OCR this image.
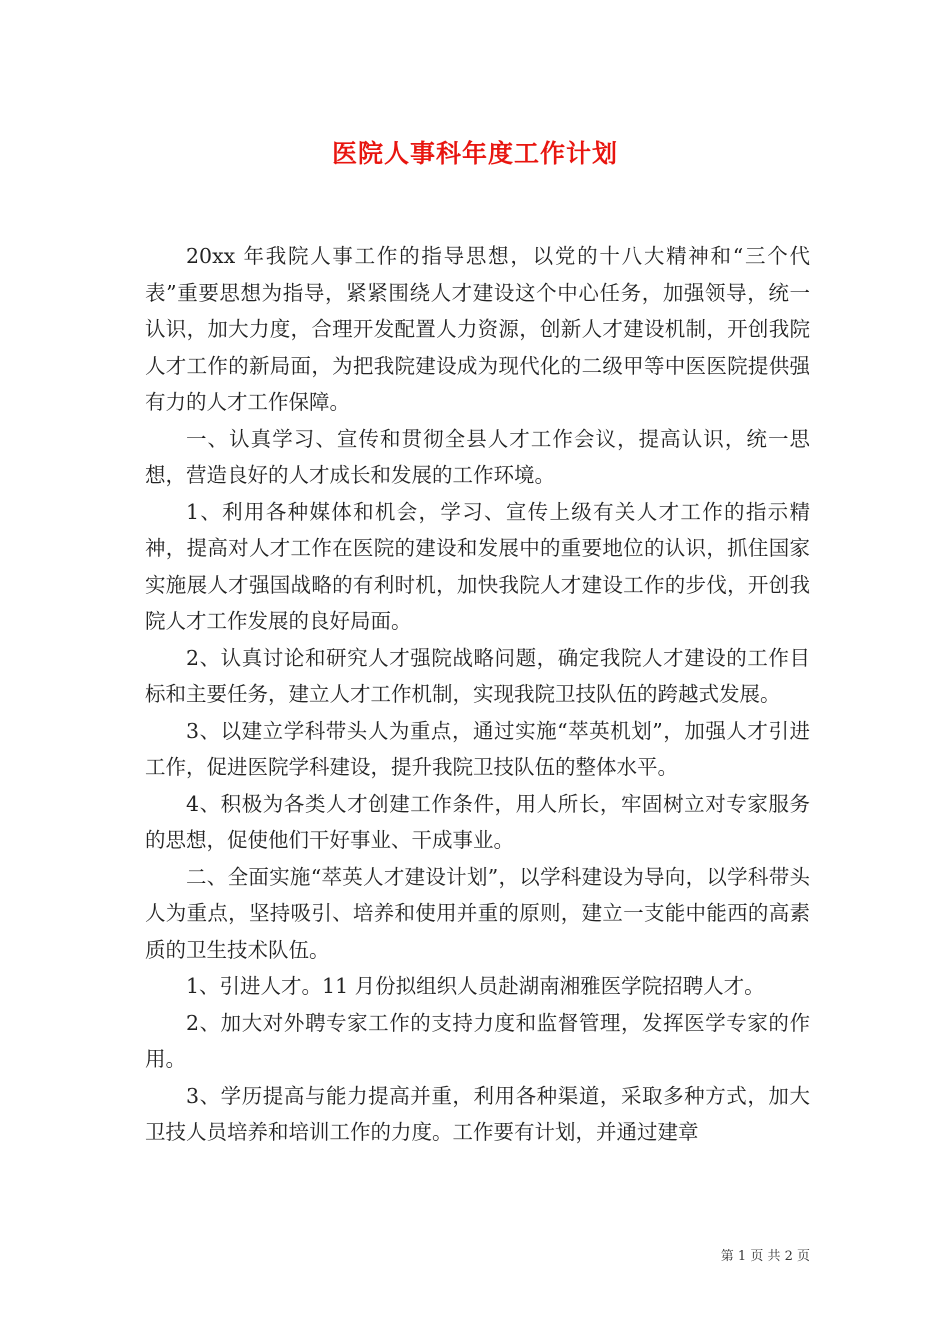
医院人事科年度工作计划

20xx 年我院人事工作的指导思想，以党的十八大精神和“三个代表”重要思想为指导，紧紧围绕人才建设这个中心任务，加强领导，统一认识，加大力度，合理开发配置人力资源，创新人才建设机制，开创我院人才工作的新局面，为把我院建设成为现代化的二级甲等中医医院提供强有力的人才工作保障。

一、认真学习、宣传和贯彻全县人才工作会议，提高认识，统一思想，营造良好的人才成长和发展的工作环境。

1、利用各种媒体和机会，学习、宣传上级有关人才工作的指示精神，提高对人才工作在医院的建设和发展中的重要地位的认识，抓住国家实施展人才强国战略的有利时机，加快我院人才建设工作的步伐，开创我院人才工作发展的良好局面。

2、认真讨论和研究人才强院战略问题，确定我院人才建设的工作目标和主要任务，建立人才工作机制，实现我院卫技队伍的跨越式发展。

3、以建立学科带头人为重点，通过实施“萃英机划”，加强人才引进工作，促进医院学科建设，提升我院卫技队伍的整体水平。

4、积极为各类人才创建工作条件，用人所长，牢固树立对专家服务的思想，促使他们干好事业、干成事业。

二、全面实施“萃英人才建设计划”，以学科建设为导向，以学科带头人为重点，坚持吸引、培养和使用并重的原则，建立一支能中能西的高素质的卫生技术队伍。

1、引进人才。11 月份拟组织人员赴湖南湘雅医学院招聘人才。

2、加大对外聘专家工作的支持力度和监督管理，发挥医学专家的作用。

3、学历提高与能力提高并重，利用各种渠道，采取多种方式，加大卫技人员培养和培训工作的力度。工作要有计划，并通过建章

第 1 页 共 2 页
